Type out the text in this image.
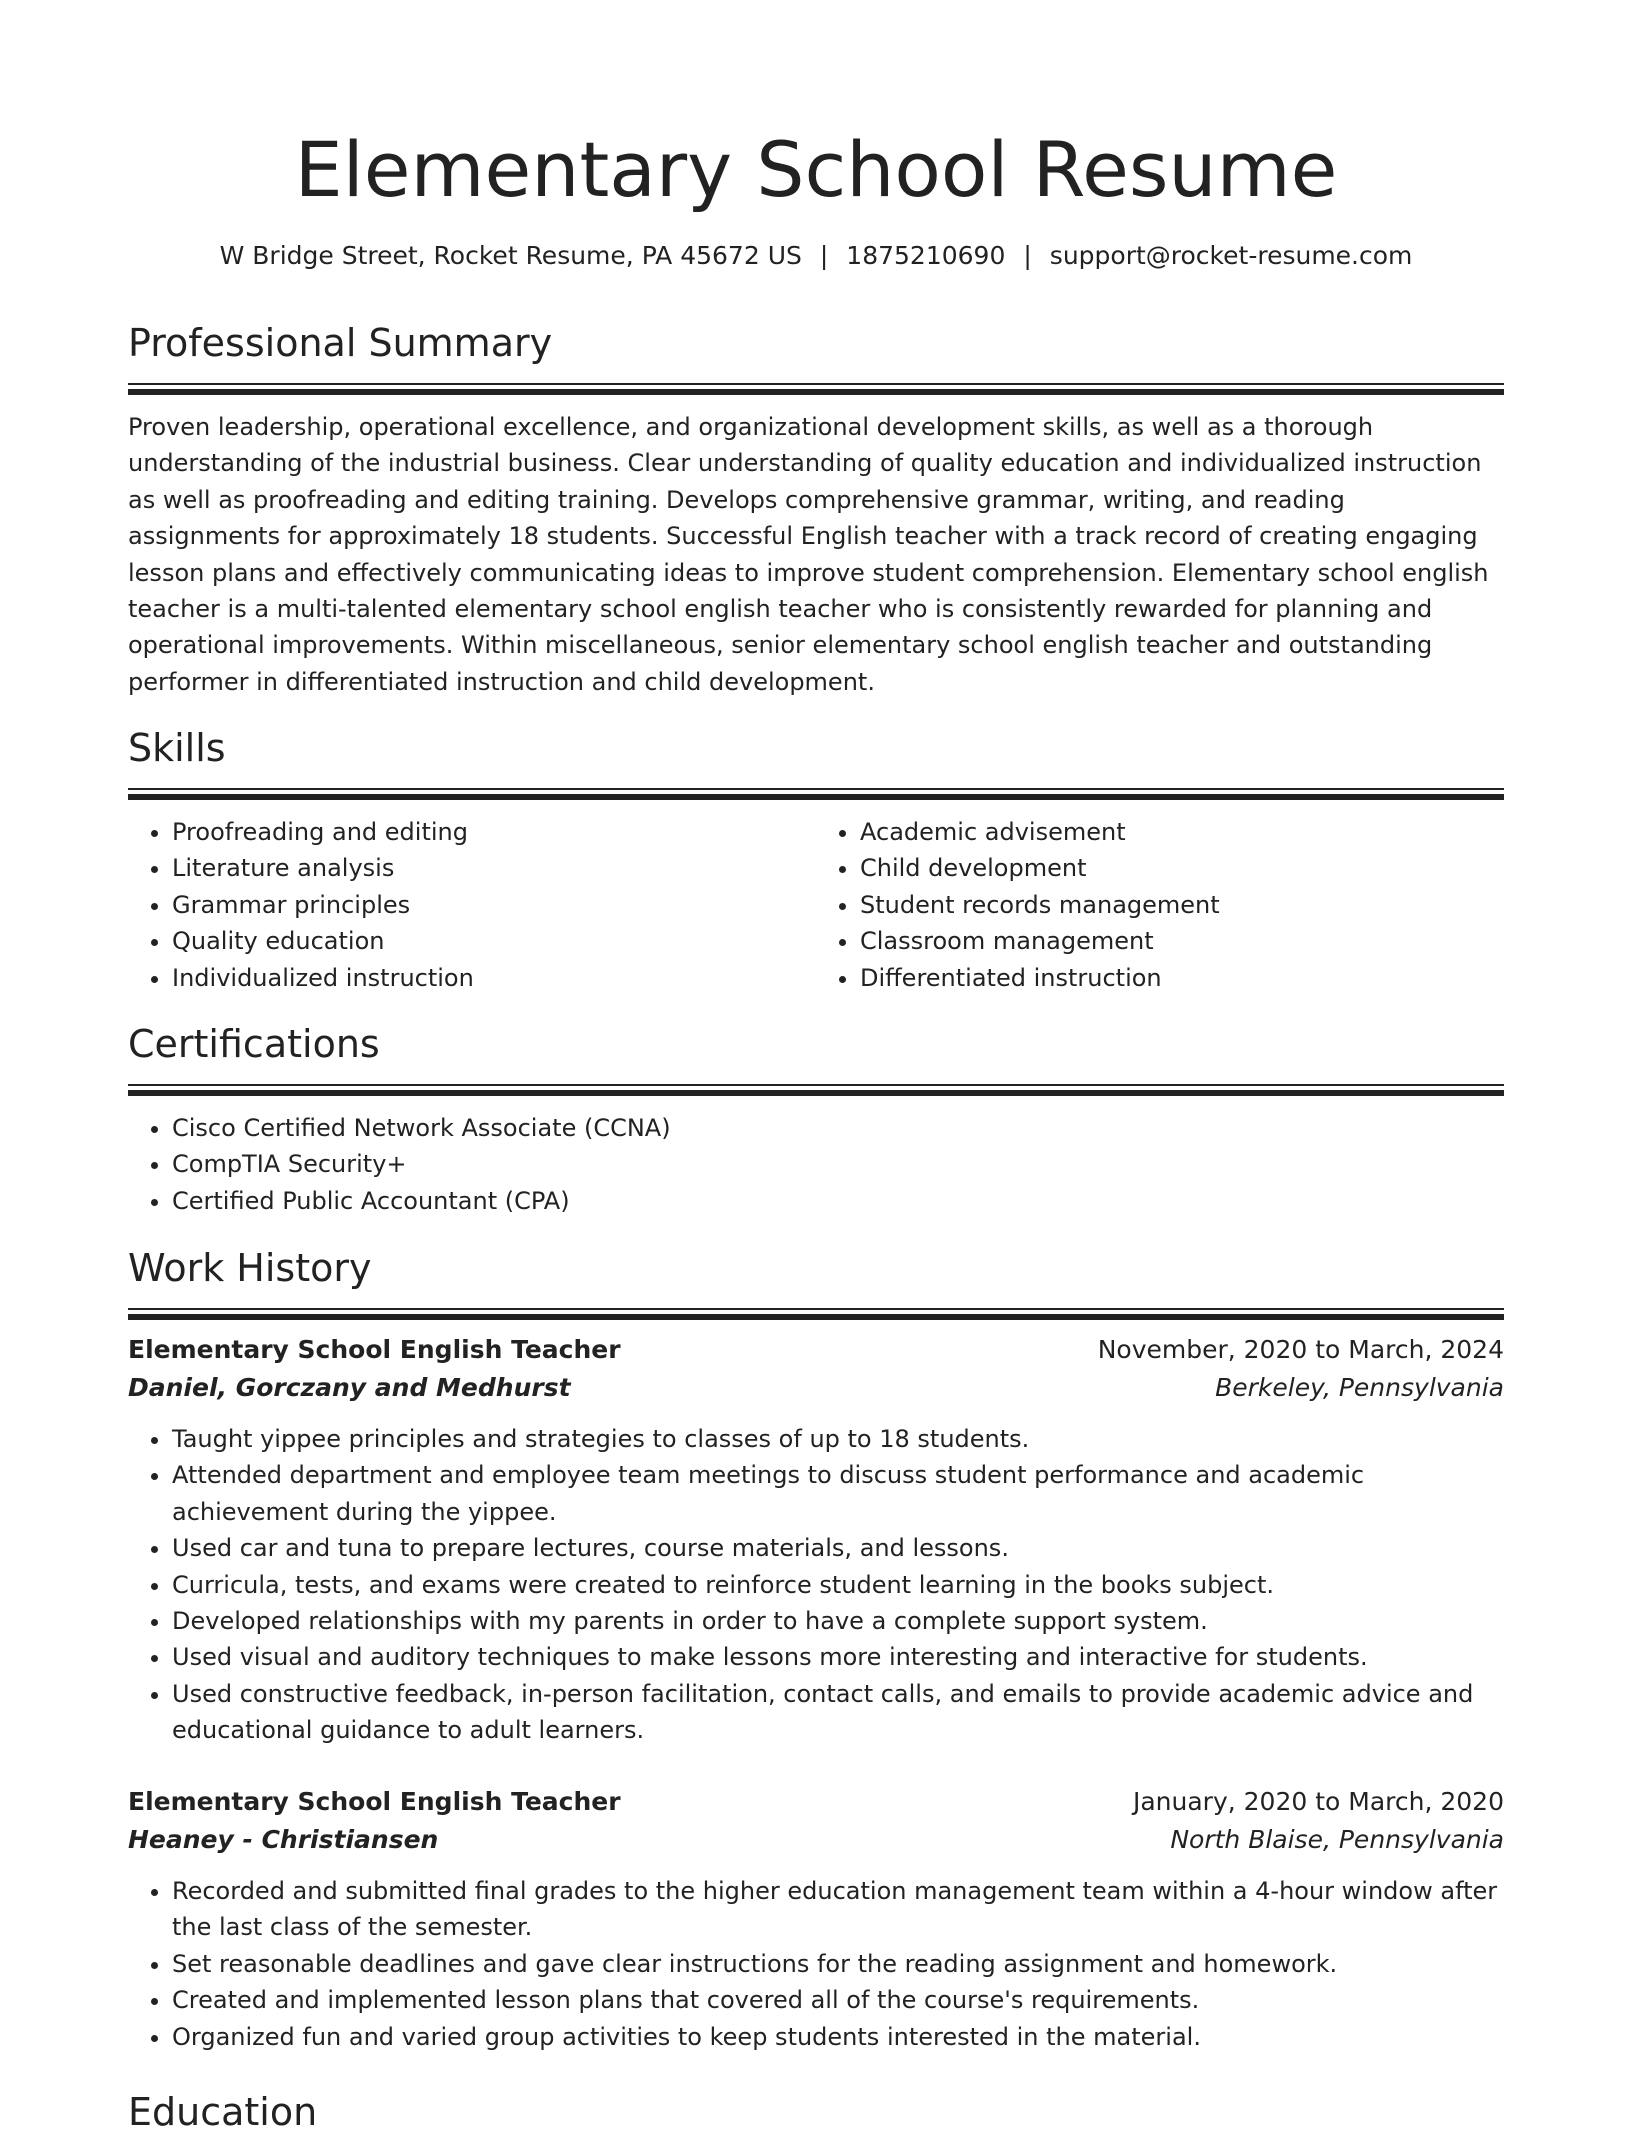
Elementary School Resume
W Bridge Street, Rocket Resume, PA 45672 US | 1875210690 | support@rocket-resume.com
Professional Summary
Proven leadership, operational excellence, and organizational development skills, as well as a thorough understanding of the industrial business. Clear understanding of quality education and individualized instruction as well as proofreading and editing training. Develops comprehensive grammar, writing, and reading assignments for approximately 18 students. Successful English teacher with a track record of creating engaging lesson plans and effectively communicating ideas to improve student comprehension. Elementary school english teacher is a multi-talented elementary school english teacher who is consistently rewarded for planning and operational improvements. Within miscellaneous, senior elementary school english teacher and outstanding performer in differentiated instruction and child development.
Skills
• Proofreading and editing
• Literature analysis
• Grammar principles
• Quality education
• Individualized instruction
• Academic advisement
• Child development
• Student records management
• Classroom management
• Differentiated instruction
Certifications
• Cisco Certified Network Associate (CCNA)
• CompTIA Security+
• Certified Public Accountant (CPA)
Work History
Elementary School English Teacher	November, 2020 to March, 2024
Daniel, Gorczany and Medhurst	Berkeley, Pennsylvania
• Taught yippee principles and strategies to classes of up to 18 students.
• Attended department and employee team meetings to discuss student performance and academic achievement during the yippee.
• Used car and tuna to prepare lectures, course materials, and lessons.
• Curricula, tests, and exams were created to reinforce student learning in the books subject.
• Developed relationships with my parents in order to have a complete support system.
• Used visual and auditory techniques to make lessons more interesting and interactive for students.
• Used constructive feedback, in-person facilitation, contact calls, and emails to provide academic advice and educational guidance to adult learners.
Elementary School English Teacher	January, 2020 to March, 2020
Heaney - Christiansen	North Blaise, Pennsylvania
• Recorded and submitted final grades to the higher education management team within a 4-hour window after the last class of the semester.
• Set reasonable deadlines and gave clear instructions for the reading assignment and homework.
• Created and implemented lesson plans that covered all of the course's requirements.
• Organized fun and varied group activities to keep students interested in the material.
Education
